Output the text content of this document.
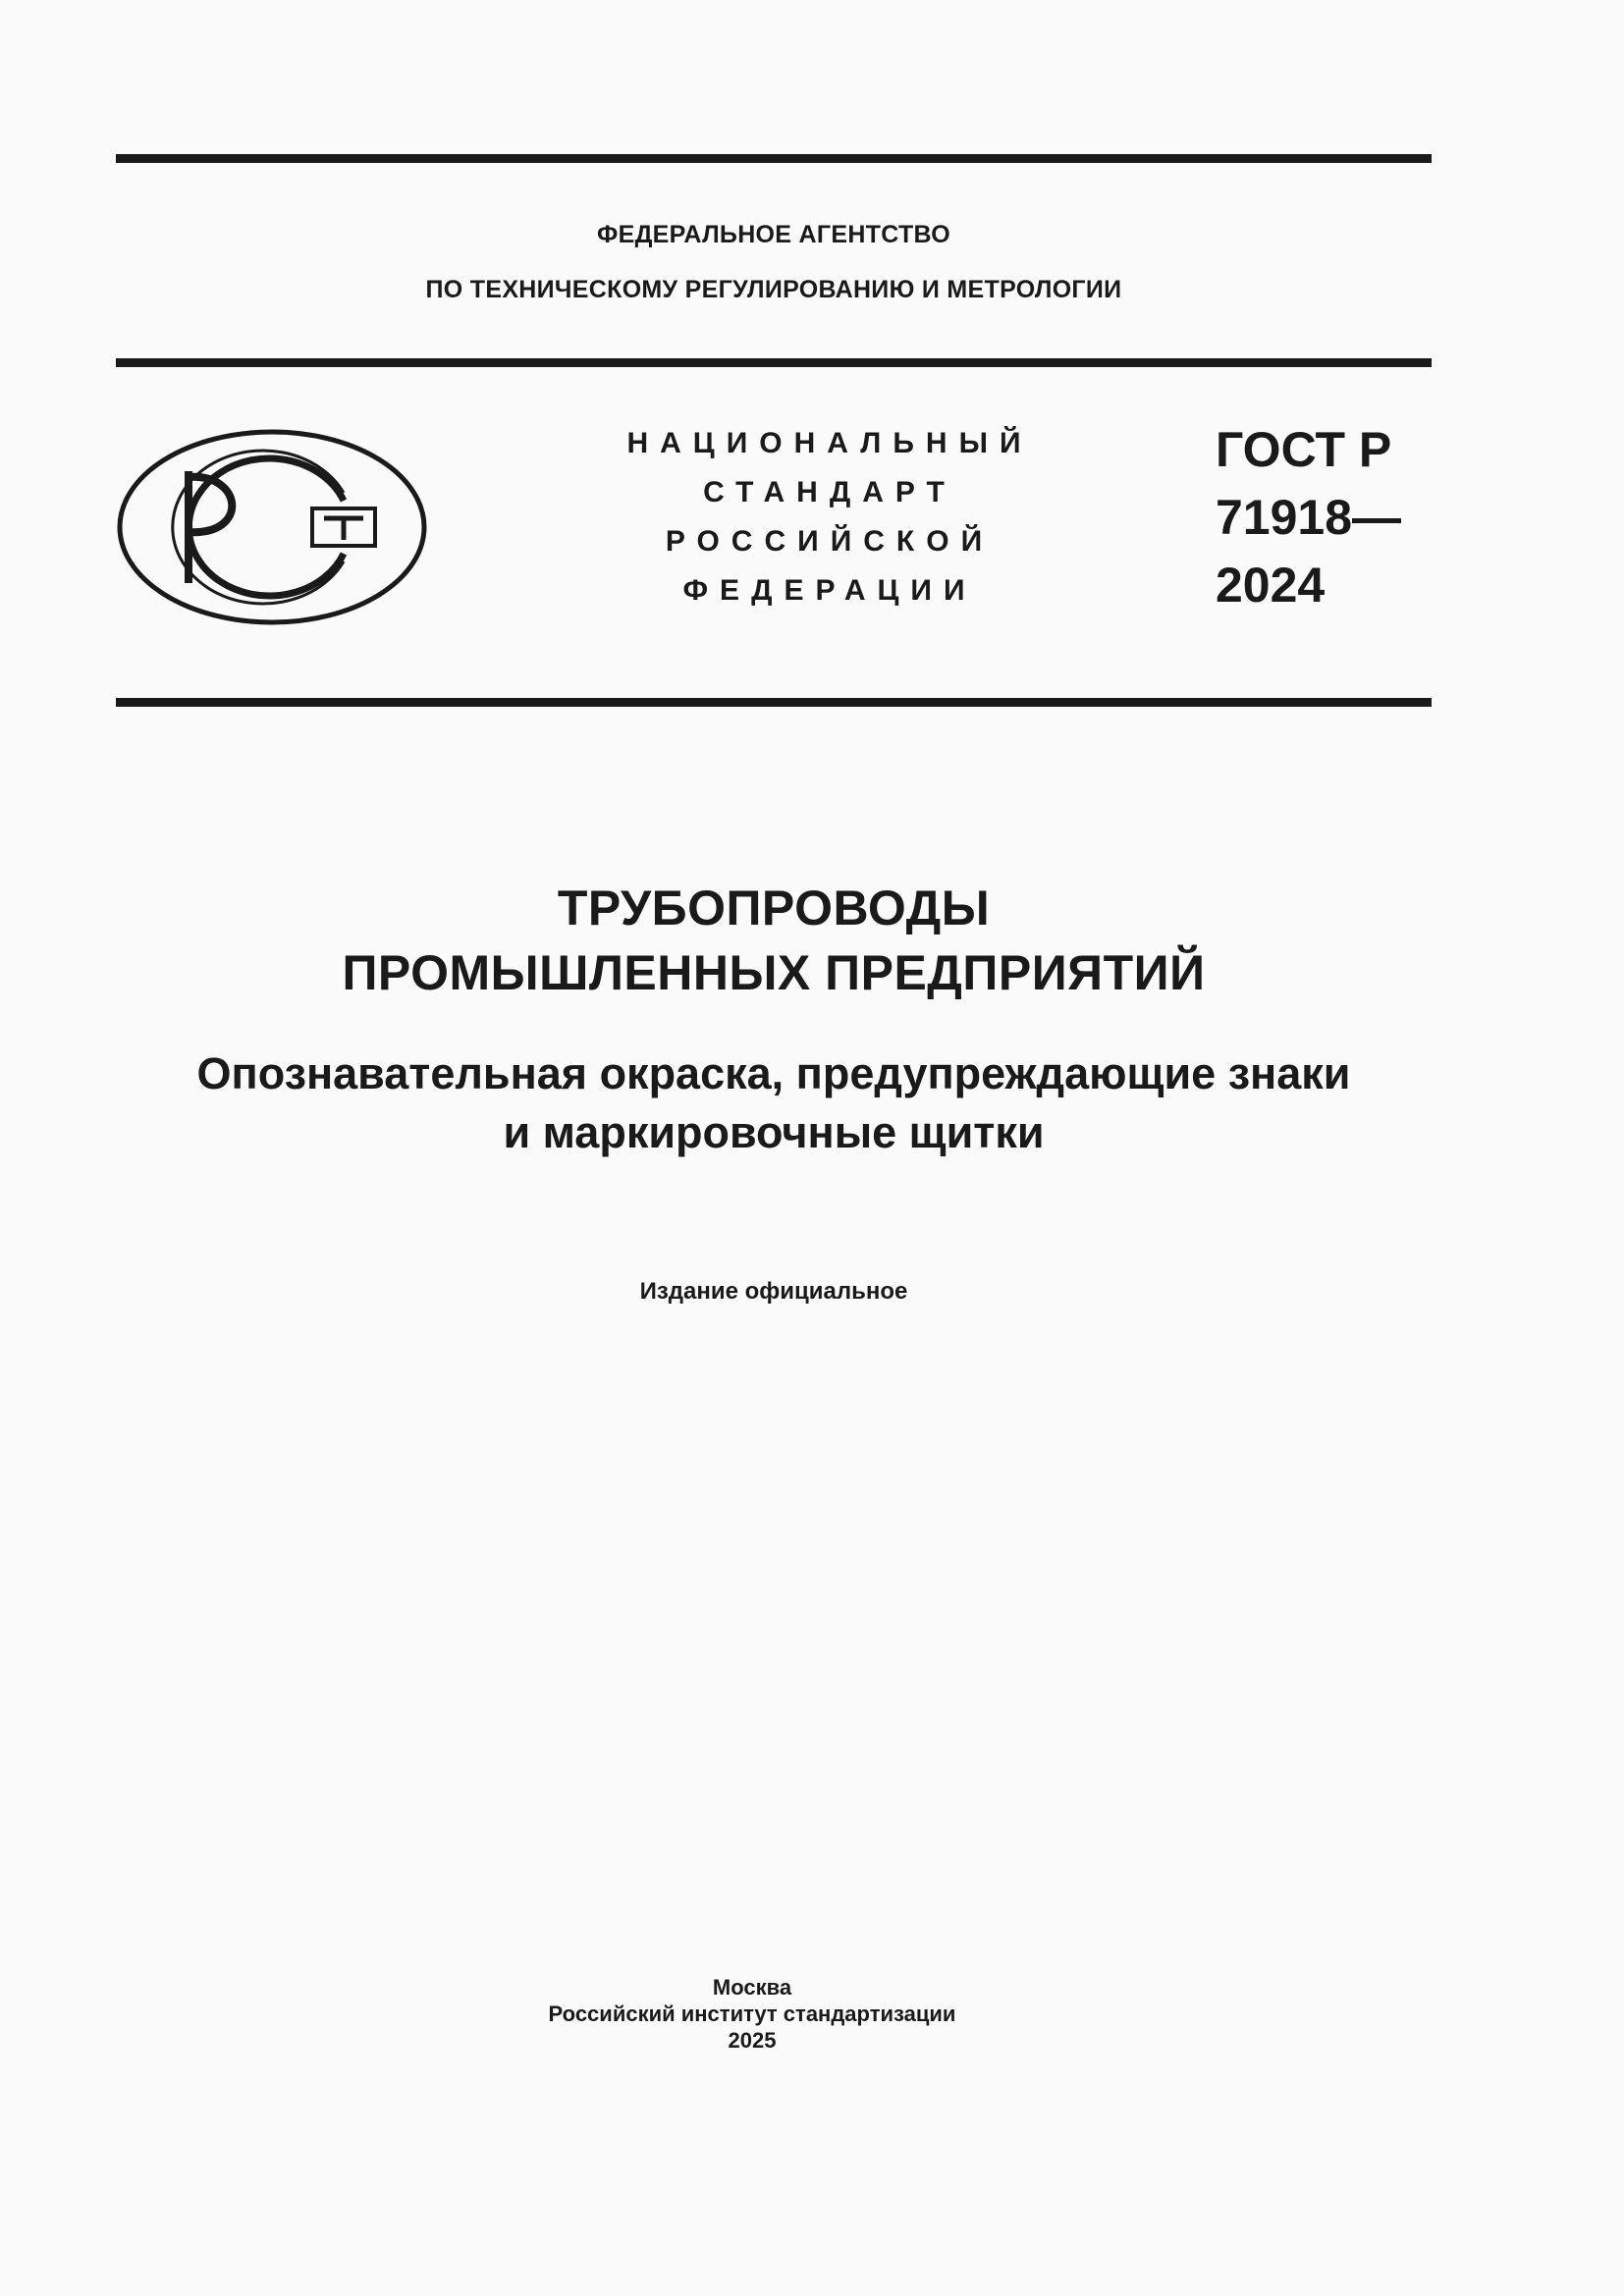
ФЕДЕРАЛЬНОЕ АГЕНТСТВО
ПО ТЕХНИЧЕСКОМУ РЕГУЛИРОВАНИЮ И МЕТРОЛОГИИ
НАЦИОНАЛЬНЫЙ
СТАНДАРТ
РОССИЙСКОЙ
ФЕДЕРАЦИИ
ГОСТ Р
71918—
2024
ТРУБОПРОВОДЫ
ПРОМЫШЛЕННЫХ ПРЕДПРИЯТИЙ
Опознавательная окраска, предупреждающие знаки
и маркировочные щитки
Издание официальное
Москва
Российский институт стандартизации
2025
